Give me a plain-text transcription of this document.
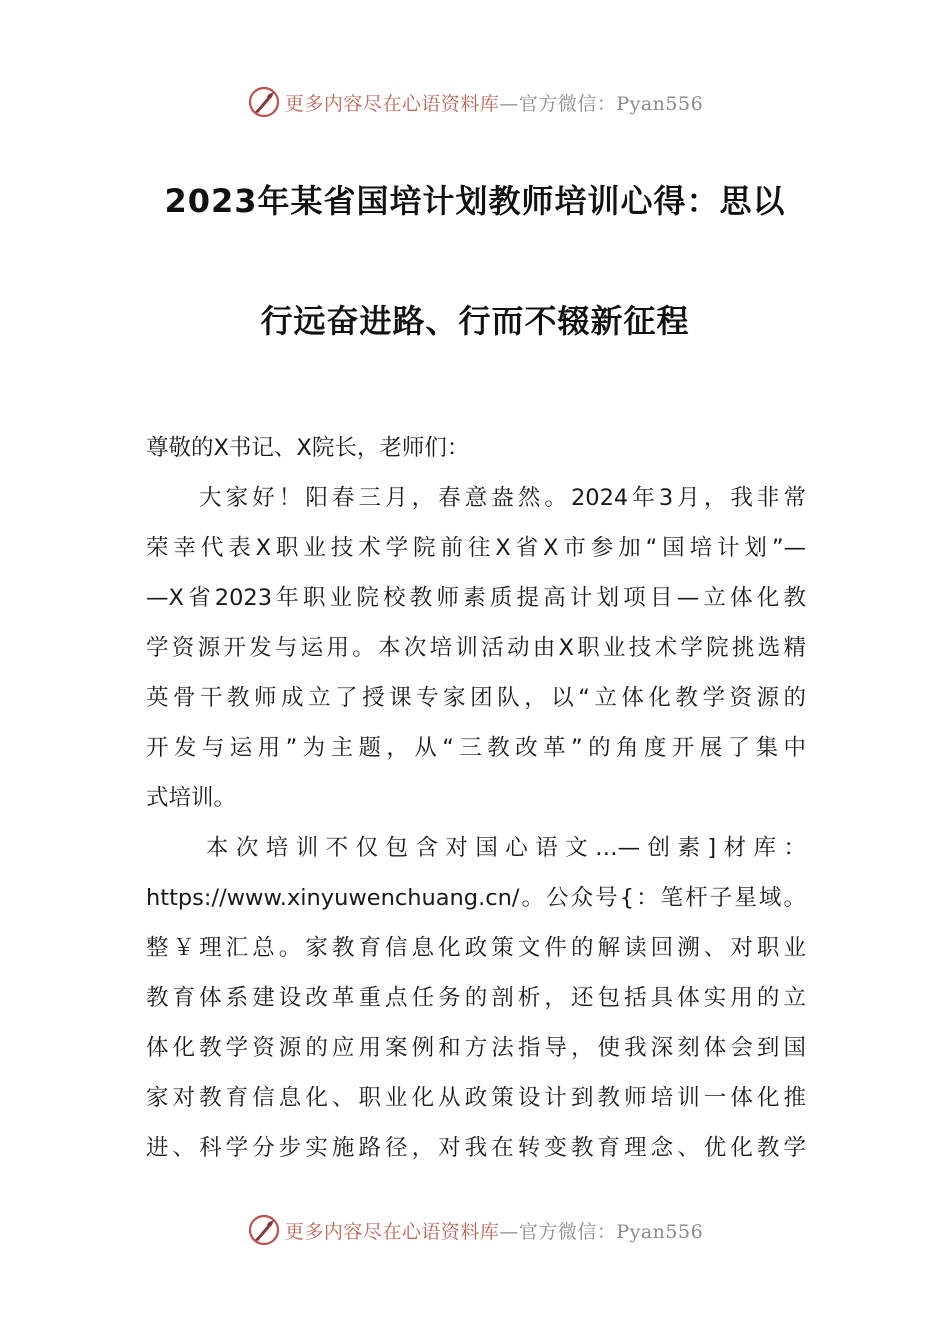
更多内容尽在心语资料库—官方微信：Pyan556
2023年某省国培计划教师培训心得：思以
行远奋进路、行而不辍新征程
尊敬的X书记、X院长，老师们：
　　大家好！阳春三月，春意盎然。2024年3月，我非常
荣幸代表X职业技术学院前往X省X市参加“国培计划”—
—X省2023年职业院校教师素质提高计划项目—立体化教
学资源开发与运用。本次培训活动由X职业技术学院挑选精
英骨干教师成立了授课专家团队，以“立体化教学资源的
开发与运用”为主题，从“三教改革”的角度开展了集中
式培训。
　　本次培训不仅包含对国心语文…—创素]材库：
https://www.xinyuwenchuang.cn/。公众号{：笔杆子星域。
整￥理汇总。家教育信息化政策文件的解读回溯、对职业
教育体系建设改革重点任务的剖析，还包括具体实用的立
体化教学资源的应用案例和方法指导，使我深刻体会到国
家对教育信息化、职业化从政策设计到教师培训一体化推
进、科学分步实施路径，对我在转变教育理念、优化教学
更多内容尽在心语资料库—官方微信：Pyan556
